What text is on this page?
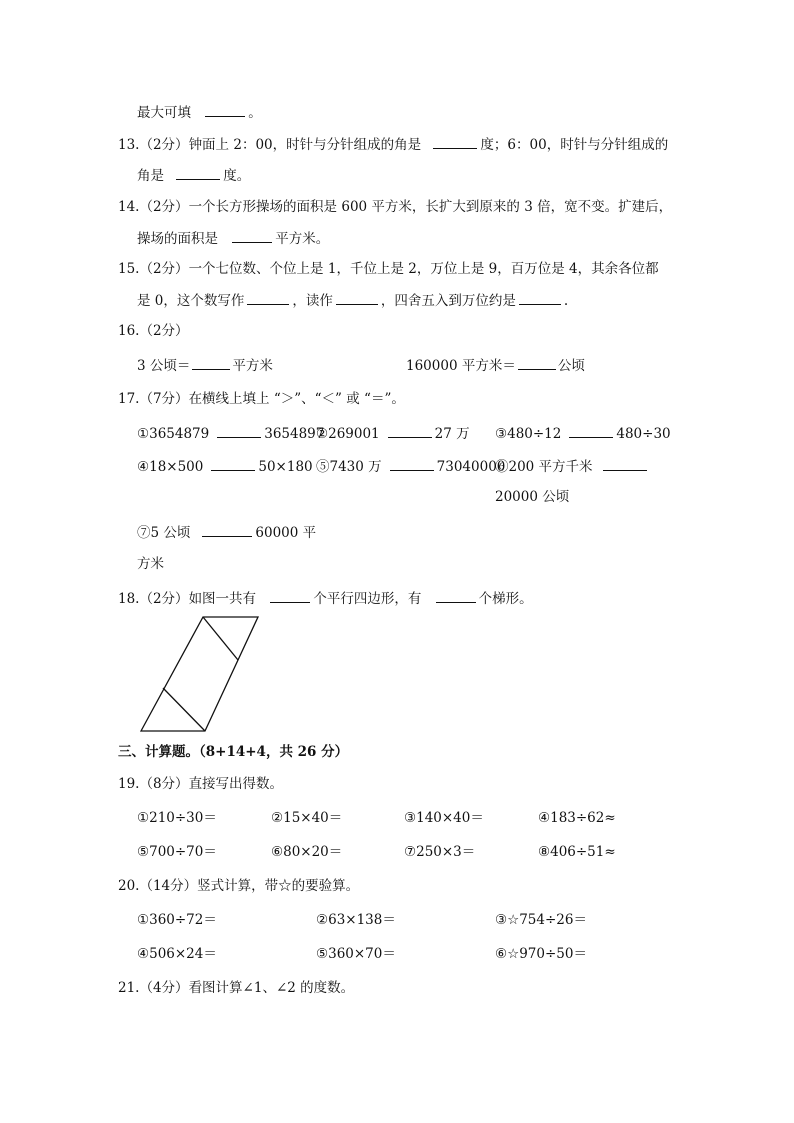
最大可填	。
13.（2分）钟面上 2：00，时针与分针组成的角是	度；6：00，时针与分针组成的
角是	度。
14.（2分）一个长方形操场的面积是 600 平方米，长扩大到原来的 3 倍，宽不变。扩建后，
操场的面积是	平方米。
15.（2分）一个七位数、个位上是 1，千位上是 2，万位上是 9，百万位是 4，其余各位都
是 0，这个数写作	，读作	，四舍五入到万位约是	.
16.（2分）
3 公顷＝	平方米	160000 平方米＝	公顷
17.（7分）在横线上填上 “＞”、“＜” 或 “＝”。
①3654879	3654897
②269001	27 万 ③480÷12	480÷30
④18×500	50×180 ⑤7430 万	73040000
⑥200 平方千米
20000 公顷
⑦5 公顷	60000 平
方米
18.（2分）如图一共有	个平行四边形，有	个梯形。
三、计算题。（8+14+4，共 26 分）
19.（8分）直接写出得数。
①210÷30＝	②15×40＝	③140×40＝	④183÷62≈
⑤700÷70＝	⑥80×20＝	⑦250×3＝	⑧406÷51≈
20.（14分）竖式计算，带☆的要验算。
①360÷72＝	②63×138＝	③☆754÷26＝
④506×24＝	⑤360×70＝	⑥☆970÷50＝
21.（4分）看图计算∠1、∠2 的度数。
